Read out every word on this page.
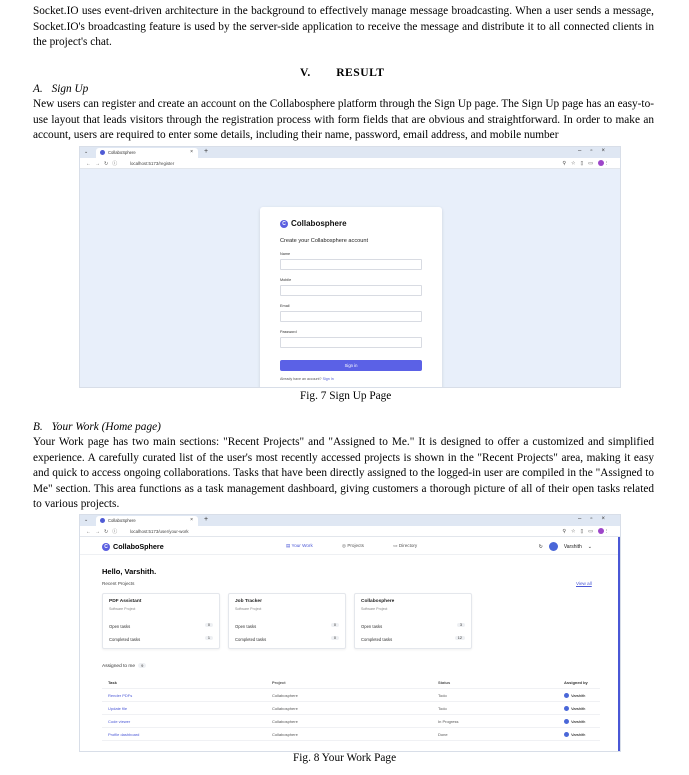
Socket.IO uses event-driven architecture in the background to effectively manage message broadcasting. When a user sends a message, Socket.IO's broadcasting feature is used by the server-side application to receive the message and distribute it to all connected clients in the project's chat.

V. RESULT
A. Sign Up

New users can register and create an account on the Collabosphere platform through the Sign Up page. The Sign Up page has an easy-to-use layout that leads visitors through the registration process with form fields that are obvious and straightforward. In order to make an account, users are required to enter some details, including their name, password, email address, and mobile number

⌄	CollaboSphere	× +	–▫×
←→↻ⓘ localhost:5173/register	⚲☆▯▭ ⋮
C Collabosphere
Create your Collabosphere account
Name
Mobile
Email
Password
Sign in
Already have an account? Sign In
Fig. 7 Sign Up Page
B. Your Work (Home page)

Your Work page has two main sections: "Recent Projects" and "Assigned to Me." It is designed to offer a customized and simplified experience. A carefully curated list of the user's most recently accessed projects is shown in the "Recent Projects" area, making it easy and quick to access ongoing collaborations. Tasks that have been directly assigned to the logged-in user are compiled in the "Assigned to Me" section. This area functions as a task management dashboard, giving customers a thorough picture of all of their open tasks related to various projects.

⌄	CollaboSphere	× +	–▫×
←→↻ⓘ localhost:5173/user/your-work	⚲☆▯▭ ⋮
C CollaboSphere	▤ Your Work	◎ Projects	▭ Directory	↻	Varshith ⌄
Hello, Varshith.
Recent Projects	View all
PDF Assistant
Software Project
Open tasks	0
Completed tasks	1
Job Tracker
Software Project
Open tasks	0
Completed tasks	0
Collabosphere
Software Project
Open tasks	3
Completed tasks	12
Assigned to me 9
Task	Project	Status	Assigned by
Render PDFs	Collabosphere	Todo	Varshith
Update file	Collabosphere	Todo	Varshith
Code viewer	Collabosphere	In Progress	Varshith
Profile dashboard	Collabosphere	Done	Varshith
Fig. 8 Your Work Page
